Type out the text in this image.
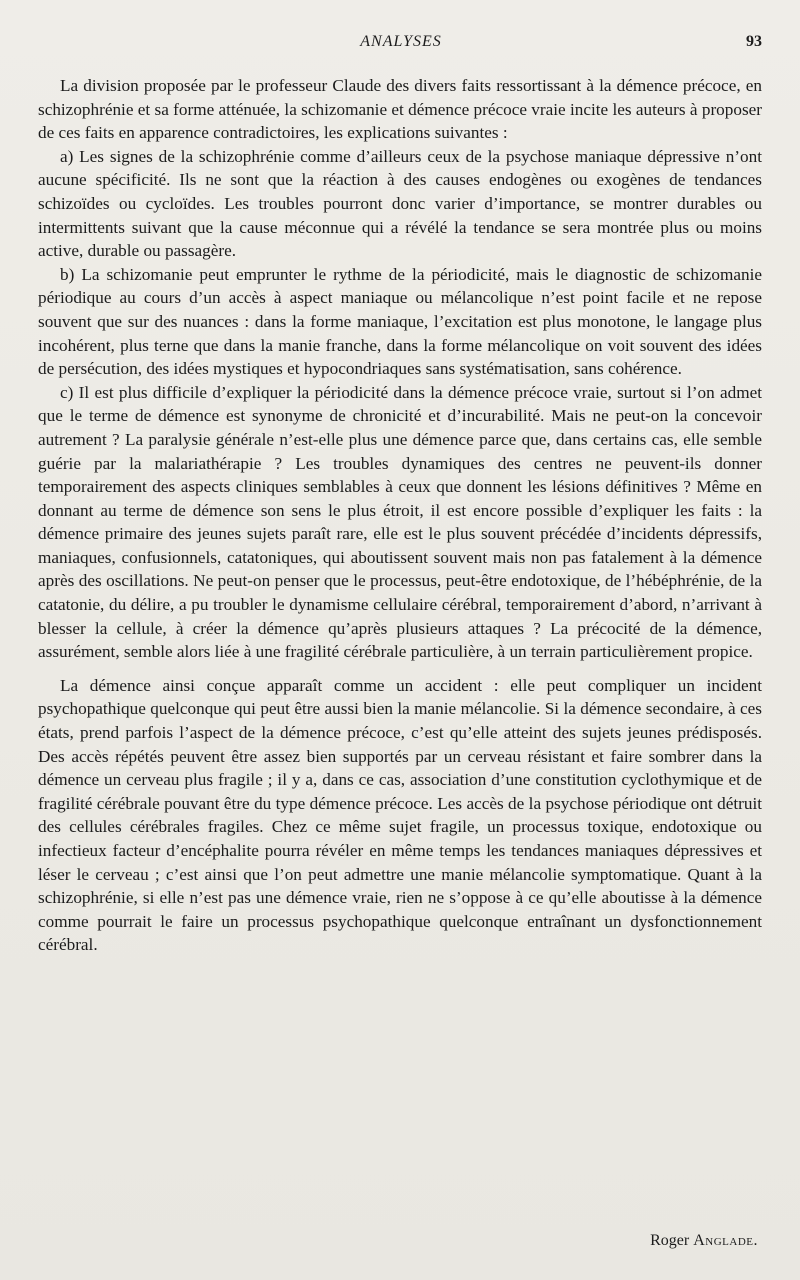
ANALYSES	93

La division proposée par le professeur Claude des divers faits ressortissant à la démence précoce, en schizophrénie et sa forme atténuée, la schizomanie et démence précoce vraie incite les auteurs à proposer de ces faits en apparence contradictoires, les explications suivantes :

a) Les signes de la schizophrénie comme d’ailleurs ceux de la psychose maniaque dépressive n’ont aucune spécificité. Ils ne sont que la réaction à des causes endogènes ou exogènes de tendances schizoïdes ou cycloïdes. Les troubles pourront donc varier d’importance, se montrer durables ou intermittents suivant que la cause méconnue qui a révélé la tendance se sera montrée plus ou moins active, durable ou passagère.

b) La schizomanie peut emprunter le rythme de la périodicité, mais le diagnostic de schizomanie périodique au cours d’un accès à aspect maniaque ou mélancolique n’est point facile et ne repose souvent que sur des nuances : dans la forme maniaque, l’excitation est plus monotone, le langage plus incohérent, plus terne que dans la manie franche, dans la forme mélancolique on voit souvent des idées de persécution, des idées mystiques et hypocondriaques sans systématisation, sans cohérence.

c) Il est plus difficile d’expliquer la périodicité dans la démence précoce vraie, surtout si l’on admet que le terme de démence est synonyme de chronicité et d’incurabilité. Mais ne peut-on la concevoir autrement ? La paralysie générale n’est-elle plus une démence parce que, dans certains cas, elle semble guérie par la malariathérapie ? Les troubles dynamiques des centres ne peuvent-ils donner temporairement des aspects cliniques semblables à ceux que donnent les lésions définitives ? Même en donnant au terme de démence son sens le plus étroit, il est encore possible d’expliquer les faits : la démence primaire des jeunes sujets paraît rare, elle est le plus souvent précédée d’incidents dépressifs, maniaques, confusionnels, catatoniques, qui aboutissent souvent mais non pas fatalement à la démence après des oscillations. Ne peut-on penser que le processus, peut-être endotoxique, de l’hébéphrénie, de la catatonie, du délire, a pu troubler le dynamisme cellulaire cérébral, temporairement d’abord, n’arrivant à blesser la cellule, à créer la démence qu’après plusieurs attaques ? La précocité de la démence, assurément, semble alors liée à une fragilité cérébrale particulière, à un terrain particulièrement propice.

La démence ainsi conçue apparaît comme un accident : elle peut compliquer un incident psychopathique quelconque qui peut être aussi bien la manie mélancolie. Si la démence secondaire, à ces états, prend parfois l’aspect de la démence précoce, c’est qu’elle atteint des sujets jeunes prédisposés. Des accès répétés peuvent être assez bien supportés par un cerveau résistant et faire sombrer dans la démence un cerveau plus fragile ; il y a, dans ce cas, association d’une constitution cyclothymique et de fragilité cérébrale pouvant être du type démence précoce. Les accès de la psychose périodique ont détruit des cellules cérébrales fragiles. Chez ce même sujet fragile, un processus toxique, endotoxique ou infectieux facteur d’encéphalite pourra révéler en même temps les tendances maniaques dépressives et léser le cerveau ; c’est ainsi que l’on peut admettre une manie mélancolie symptomatique. Quant à la schizophrénie, si elle n’est pas une démence vraie, rien ne s’oppose à ce qu’elle aboutisse à la démence comme pourrait le faire un processus psychopathique quelconque entraînant un dysfonctionnement cérébral.

Roger Anglade.
